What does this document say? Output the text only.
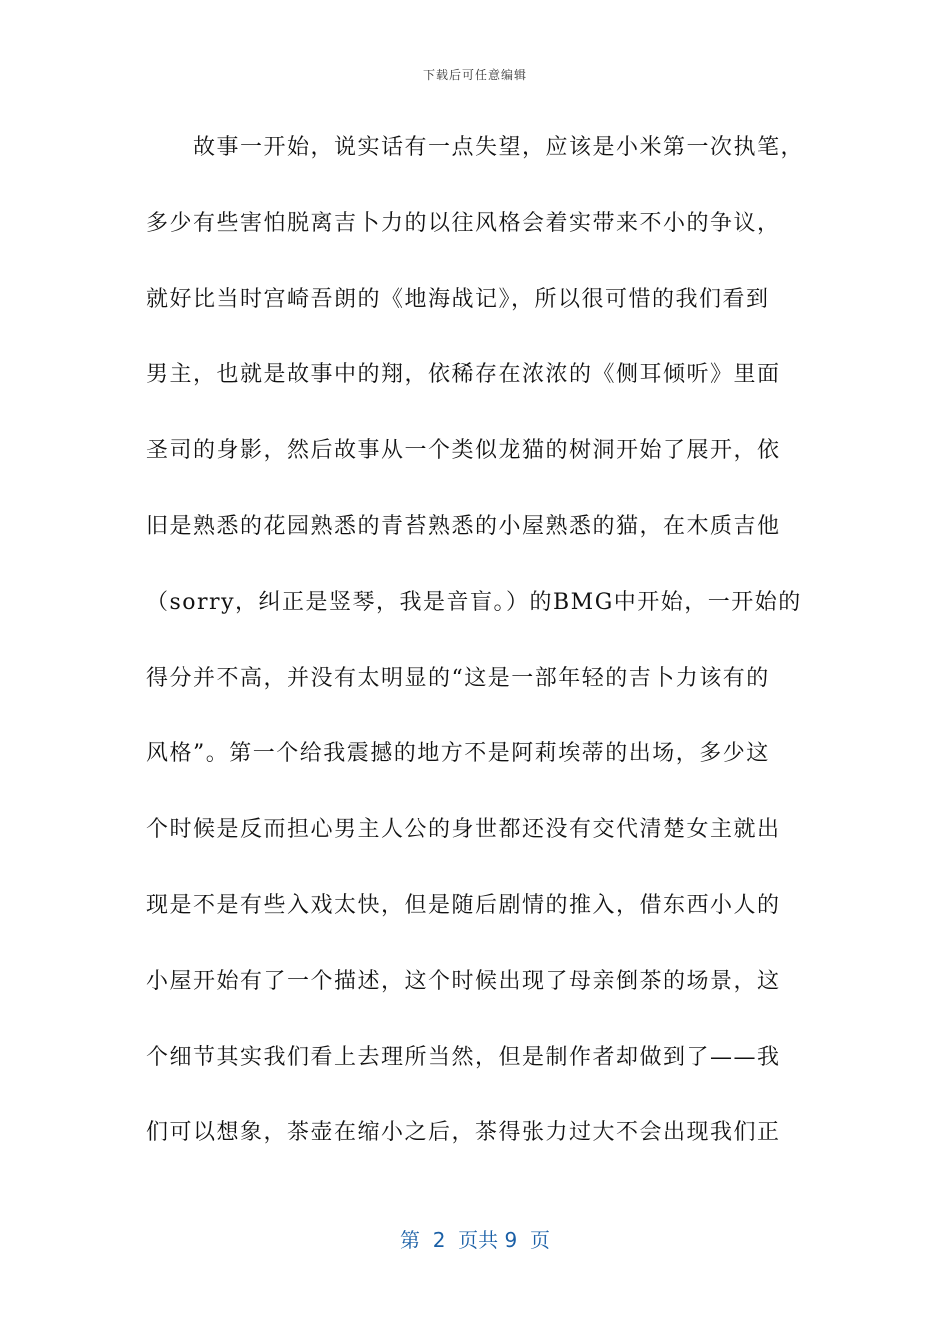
下载后可任意编辑
故事一开始，说实话有一点失望，应该是小米第一次执笔，
多少有些害怕脱离吉卜力的以往风格会着实带来不小的争议，
就好比当时宫崎吾朗的《地海战记》，所以很可惜的我们看到
男主，也就是故事中的翔，依稀存在浓浓的《侧耳倾听》里面
圣司的身影，然后故事从一个类似龙猫的树洞开始了展开，依
旧是熟悉的花园熟悉的青苔熟悉的小屋熟悉的猫，在木质吉他
（sorry，纠正是竖琴，我是音盲。）的BMG中开始，一开始的
得分并不高，并没有太明显的“这是一部年轻的吉卜力该有的
风格”。第一个给我震撼的地方不是阿莉埃蒂的出场，多少这
个时候是反而担心男主人公的身世都还没有交代清楚女主就出
现是不是有些入戏太快，但是随后剧情的推入，借东西小人的
小屋开始有了一个描述，这个时候出现了母亲倒茶的场景，这
个细节其实我们看上去理所当然，但是制作者却做到了——我
们可以想象，茶壶在缩小之后，茶得张力过大不会出现我们正
第  2  页共 9  页
